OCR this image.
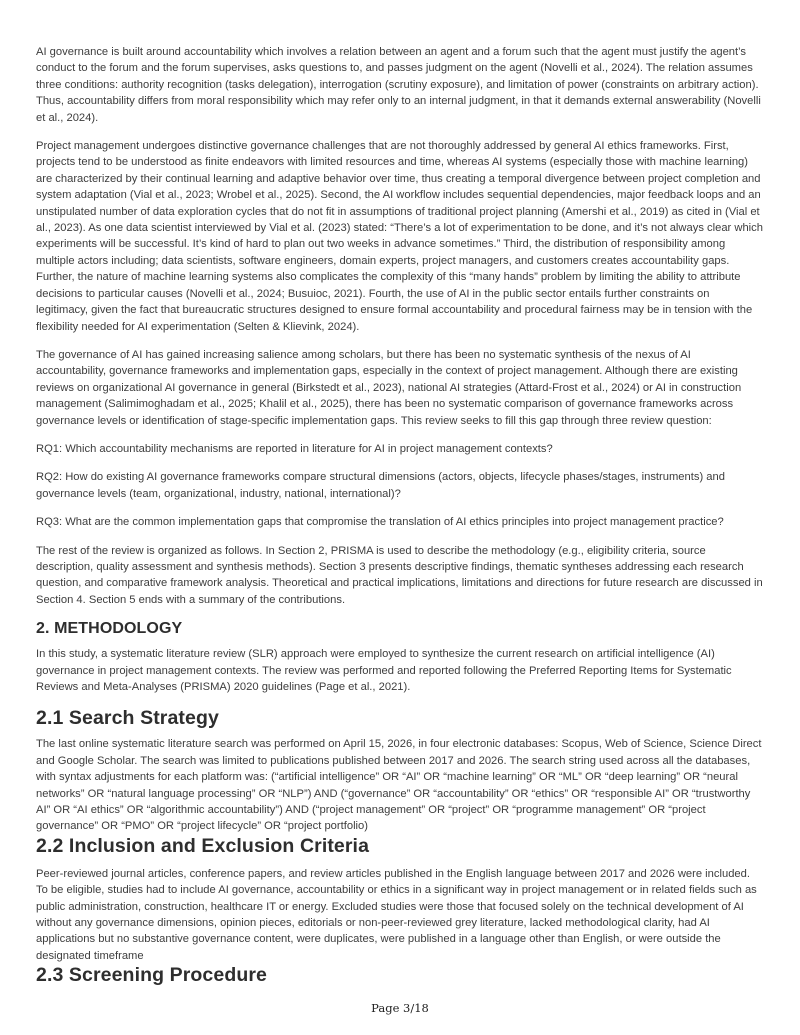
AI governance is built around accountability which involves a relation between an agent and a forum such that the agent must justify the agent’s conduct to the forum and the forum supervises, asks questions to, and passes judgment on the agent (Novelli et al., 2024). The relation assumes three conditions: authority recognition (tasks delegation), interrogation (scrutiny exposure), and limitation of power (constraints on arbitrary action). Thus, accountability differs from moral responsibility which may refer only to an internal judgment, in that it demands external answerability (Novelli et al., 2024).

Project management undergoes distinctive governance challenges that are not thoroughly addressed by general AI ethics frameworks. First, projects tend to be understood as finite endeavors with limited resources and time, whereas AI systems (especially those with machine learning) are characterized by their continual learning and adaptive behavior over time, thus creating a temporal divergence between project completion and system adaptation (Vial et al., 2023; Wrobel et al., 2025). Second, the AI workflow includes sequential dependencies, major feedback loops and an unstipulated number of data exploration cycles that do not fit in assumptions of traditional project planning (Amershi et al., 2019) as cited in (Vial et al., 2023). As one data scientist interviewed by Vial et al. (2023) stated: “There’s a lot of experimentation to be done, and it’s not always clear which experiments will be successful. It’s kind of hard to plan out two weeks in advance sometimes.” Third, the distribution of responsibility among multiple actors including; data scientists, software engineers, domain experts, project managers, and customers creates accountability gaps. Further, the nature of machine learning systems also complicates the complexity of this “many hands” problem by limiting the ability to attribute decisions to particular causes (Novelli et al., 2024; Busuioc, 2021). Fourth, the use of AI in the public sector entails further constraints on legitimacy, given the fact that bureaucratic structures designed to ensure formal accountability and procedural fairness may be in tension with the flexibility needed for AI experimentation (Selten & Klievink, 2024).

The governance of AI has gained increasing salience among scholars, but there has been no systematic synthesis of the nexus of AI accountability, governance frameworks and implementation gaps, especially in the context of project management. Although there are existing reviews on organizational AI governance in general (Birkstedt et al., 2023), national AI strategies (Attard-Frost et al., 2024) or AI in construction management (Salimimoghadam et al., 2025; Khalil et al., 2025), there has been no systematic comparison of governance frameworks across governance levels or identification of stage-specific implementation gaps. This review seeks to fill this gap through three review question:

RQ1: Which accountability mechanisms are reported in literature for AI in project management contexts?

RQ2: How do existing AI governance frameworks compare structural dimensions (actors, objects, lifecycle phases/stages, instruments) and governance levels (team, organizational, industry, national, international)?

RQ3: What are the common implementation gaps that compromise the translation of AI ethics principles into project management practice?

The rest of the review is organized as follows. In Section 2, PRISMA is used to describe the methodology (e.g., eligibility criteria, source description, quality assessment and synthesis methods). Section 3 presents descriptive findings, thematic syntheses addressing each research question, and comparative framework analysis. Theoretical and practical implications, limitations and directions for future research are discussed in Section 4. Section 5 ends with a summary of the contributions.

2. METHODOLOGY

In this study, a systematic literature review (SLR) approach were employed to synthesize the current research on artificial intelligence (AI) governance in project management contexts. The review was performed and reported following the Preferred Reporting Items for Systematic Reviews and Meta-Analyses (PRISMA) 2020 guidelines (Page et al., 2021).

2.1 Search Strategy

The last online systematic literature search was performed on April 15, 2026, in four electronic databases: Scopus, Web of Science, Science Direct and Google Scholar. The search was limited to publications published between 2017 and 2026. The search string used across all the databases, with syntax adjustments for each platform was: (“artificial intelligence” OR “AI” OR “machine learning” OR “ML” OR “deep learning” OR “neural networks” OR “natural language processing” OR “NLP”) AND (“governance” OR “accountability” OR “ethics” OR “responsible AI” OR “trustworthy AI” OR “AI ethics” OR “algorithmic accountability”) AND (“project management” OR “project” OR “programme management” OR “project governance” OR “PMO” OR “project lifecycle” OR “project portfolio)

2.2 Inclusion and Exclusion Criteria

Peer-reviewed journal articles, conference papers, and review articles published in the English language between 2017 and 2026 were included. To be eligible, studies had to include AI governance, accountability or ethics in a significant way in project management or in related fields such as public administration, construction, healthcare IT or energy. Excluded studies were those that focused solely on the technical development of AI without any governance dimensions, opinion pieces, editorials or non-peer-reviewed grey literature, lacked methodological clarity, had AI applications but no substantive governance content, were duplicates, were published in a language other than English, or were outside the designated timeframe

2.3 Screening Procedure
Page 3/18
